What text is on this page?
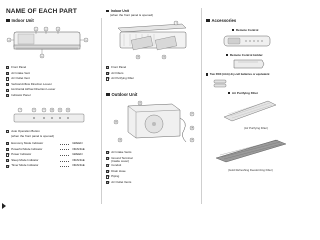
NAME OF EACH PART
Indoor Unit
1	2	3
4	5
6
1	Front Panel
2	Air Intake Vent
3	Air Outlet Vent
4	Vertical Airflow Direction Louver
5	Horizontal Airflow Direction Louver
6	Indicator Panel
7	8	9	10	11	12
7	Auto Operation Button
(when the front panel is opened)
8	Economy Mode Indicator	GREEN
9	Powerful Mode Indicator	ORANGE
10 Power Indicator	GREEN
11 Sleep Mode Indicator	ORANGE
12 Timer Mode Indicator	ORANGE
Indoor Unit
(when the front panel is opened)
1
13	14
1	Front Panel
13 Air Filters
14 Air Purifying Filter
Outdoor Unit
15
16
17
18
19
20
15 Air Intake Vents
16 Ground Terminal
(Inside cover)
17 Conduit
18 Drain Hose
19 Piping
20 Air Outlet Vents
Accessories
Remote Control
Remote Control Holder
Two RO3 (AAA) dry-cell batteries or equivalent
Air Purifying Filter
(Air Purifying Filter)
(Gold Refreshing Deodorizing Filter)
